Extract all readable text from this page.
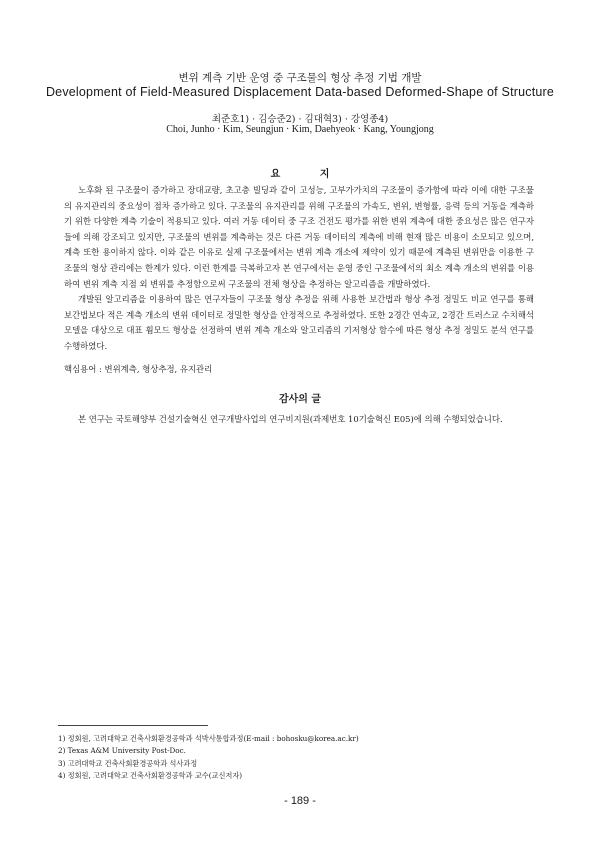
변위 계측 기반 운영 중 구조물의 형상 추정 기법 개발
Development of Field-Measured Displacement Data-based Deformed-Shape of Structure
최준호1) · 김승준2) · 김대혁3) · 강영종4)
Choi, Junho · Kim, Seungjun · Kim, Daehyeok · Kang, Youngjong
요 지
노후화 된 구조물이 증가하고 장대교량, 초고층 빌딩과 같이 고성능, 고부가가치의 구조물이 증가함에 따라 이에 대한 구조물의 유지관리의 중요성이 점차 증가하고 있다. 구조물의 유지관리를 위해 구조물의 가속도, 변위, 변형률, 응력 등의 거동을 계측하기 위한 다양한 계측 기술이 적용되고 있다. 여러 거동 데이터 중 구조 건전도 평가를 위한 변위 계측에 대한 중요성은 많은 연구자들에 의해 강조되고 있지만, 구조물의 변위를 계측하는 것은 다른 거동 데이터의 계측에 비해 현재 많은 비용이 소모되고 있으며, 계측 또한 용이하지 않다. 이와 같은 이유로 실제 구조물에서는 변위 계측 개소에 제약이 있기 때문에 계측된 변위만을 이용한 구조물의 형상 관리에는 한계가 있다. 이런 한계를 극복하고자 본 연구에서는 운영 중인 구조물에서의 최소 계측 개소의 변위를 이용하여 변위 계측 지점 외 변위를 추정함으로써 구조물의 전체 형상을 추정하는 알고리즘을 개발하였다.
개발된 알고리즘을 이용하여 많은 연구자들이 구조물 형상 추정을 위해 사용한 보간법과 형상 추정 정밀도 비교 연구를 통해 보간법보다 적은 계측 개소의 변위 데이터로 정밀한 형상을 안정적으로 추정하였다. 또한 2경간 연속교, 2경간 트러스교 수치해석 모델을 대상으로 대표 휨모드 형상을 선정하여 변위 계측 개소와 알고리즘의 기저형상 함수에 따른 형상 추정 정밀도 분석 연구를 수행하였다.
핵심용어 : 변위계측, 형상추정, 유지관리
감사의 글
본 연구는 국토해양부 건설기술혁신 연구개발사업의 연구비지원(과제번호 10기술혁신 E05)에 의해 수행되었습니다.
1) 정회원, 고려대학교 건축사회환경공학과 석박사통합과정(E-mail : bohosku@korea.ac.kr)
2) Texas A&M University Post-Doc.
3) 고려대학교 건축사회환경공학과 석사과정
4) 정회원, 고려대학교 건축사회환경공학과 교수(교신저자)
- 189 -
